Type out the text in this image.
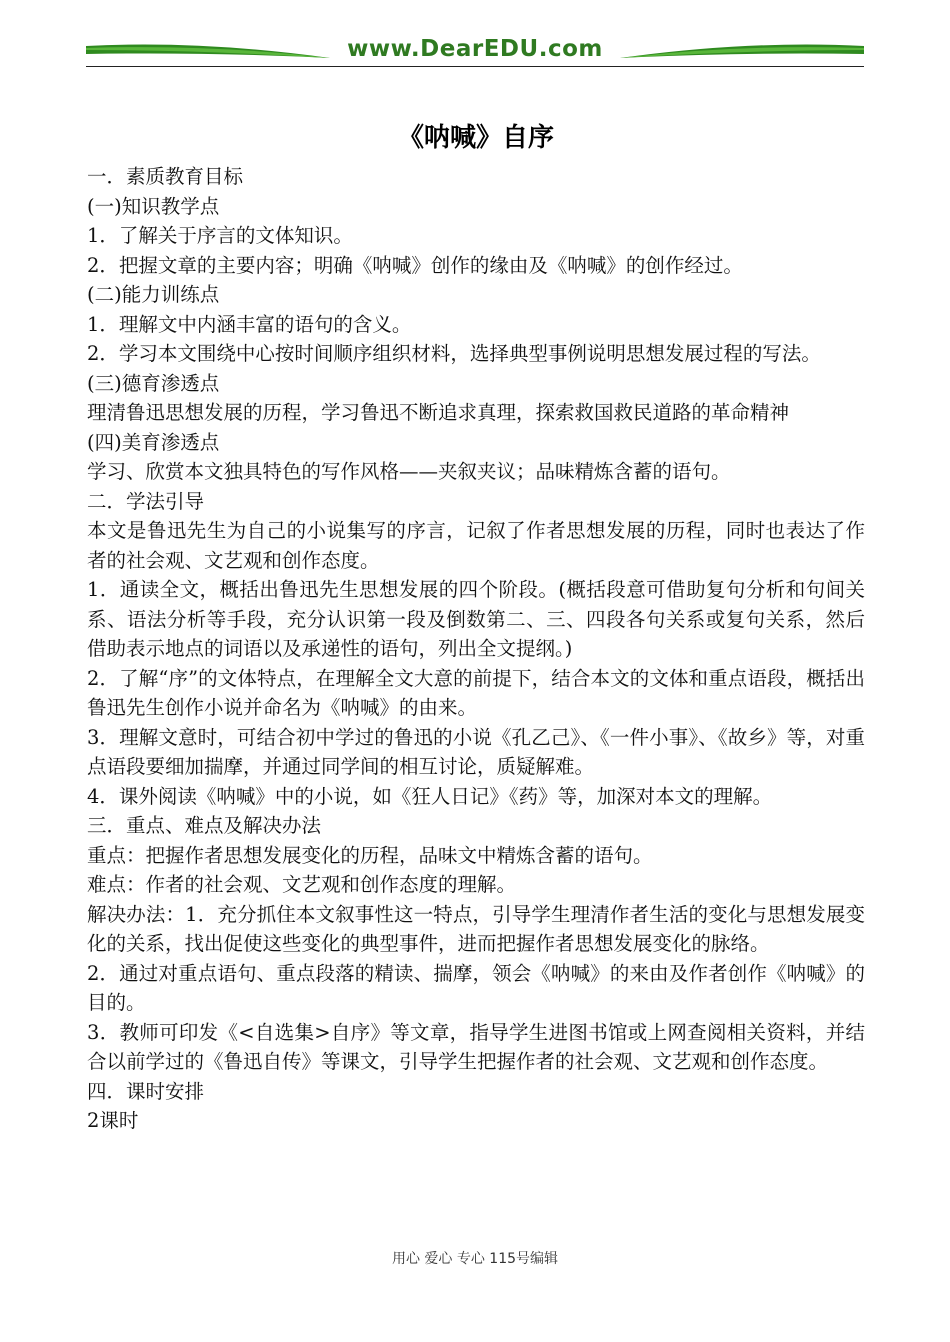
www.DearEDU.com
《呐喊》自序

一．素质教育目标

(一)知识教学点

1．了解关于序言的文体知识。

2．把握文章的主要内容；明确《呐喊》创作的缘由及《呐喊》的创作经过。

(二)能力训练点

1．理解文中内涵丰富的语句的含义。

2．学习本文围绕中心按时间顺序组织材料，选择典型事例说明思想发展过程的写法。

(三)德育渗透点

理清鲁迅思想发展的历程，学习鲁迅不断追求真理，探索救国救民道路的革命精神

(四)美育渗透点

学习、欣赏本文独具特色的写作风格——夹叙夹议；品味精炼含蓄的语句。

二．学法引导

本文是鲁迅先生为自己的小说集写的序言，记叙了作者思想发展的历程，同时也表达了作者的社会观、文艺观和创作态度。

1．通读全文，概括出鲁迅先生思想发展的四个阶段。(概括段意可借助复句分析和句间关系、语法分析等手段，充分认识第一段及倒数第二、三、四段各句关系或复句关系，然后借助表示地点的词语以及承递性的语句，列出全文提纲。)

2．了解“序”的文体特点，在理解全文大意的前提下，结合本文的文体和重点语段，概括出鲁迅先生创作小说并命名为《呐喊》的由来。

3．理解文意时，可结合初中学过的鲁迅的小说《孔乙己》、《一件小事》、《故乡》等，对重点语段要细加揣摩，并通过同学间的相互讨论，质疑解难。

4．课外阅读《呐喊》中的小说，如《狂人日记》《药》等，加深对本文的理解。

三．重点、难点及解决办法

重点：把握作者思想发展变化的历程，品味文中精炼含蓄的语句。

难点：作者的社会观、文艺观和创作态度的理解。

解决办法：1．充分抓住本文叙事性这一特点，引导学生理清作者生活的变化与思想发展变化的关系，找出促使这些变化的典型事件，进而把握作者思想发展变化的脉络。

2．通过对重点语句、重点段落的精读、揣摩，领会《呐喊》的来由及作者创作《呐喊》的目的。

3．教师可印发《<自选集>自序》等文章，指导学生进图书馆或上网查阅相关资料，并结合以前学过的《鲁迅自传》等课文，引导学生把握作者的社会观、文艺观和创作态度。

四．课时安排

2课时

用心 爱心 专心 115号编辑
